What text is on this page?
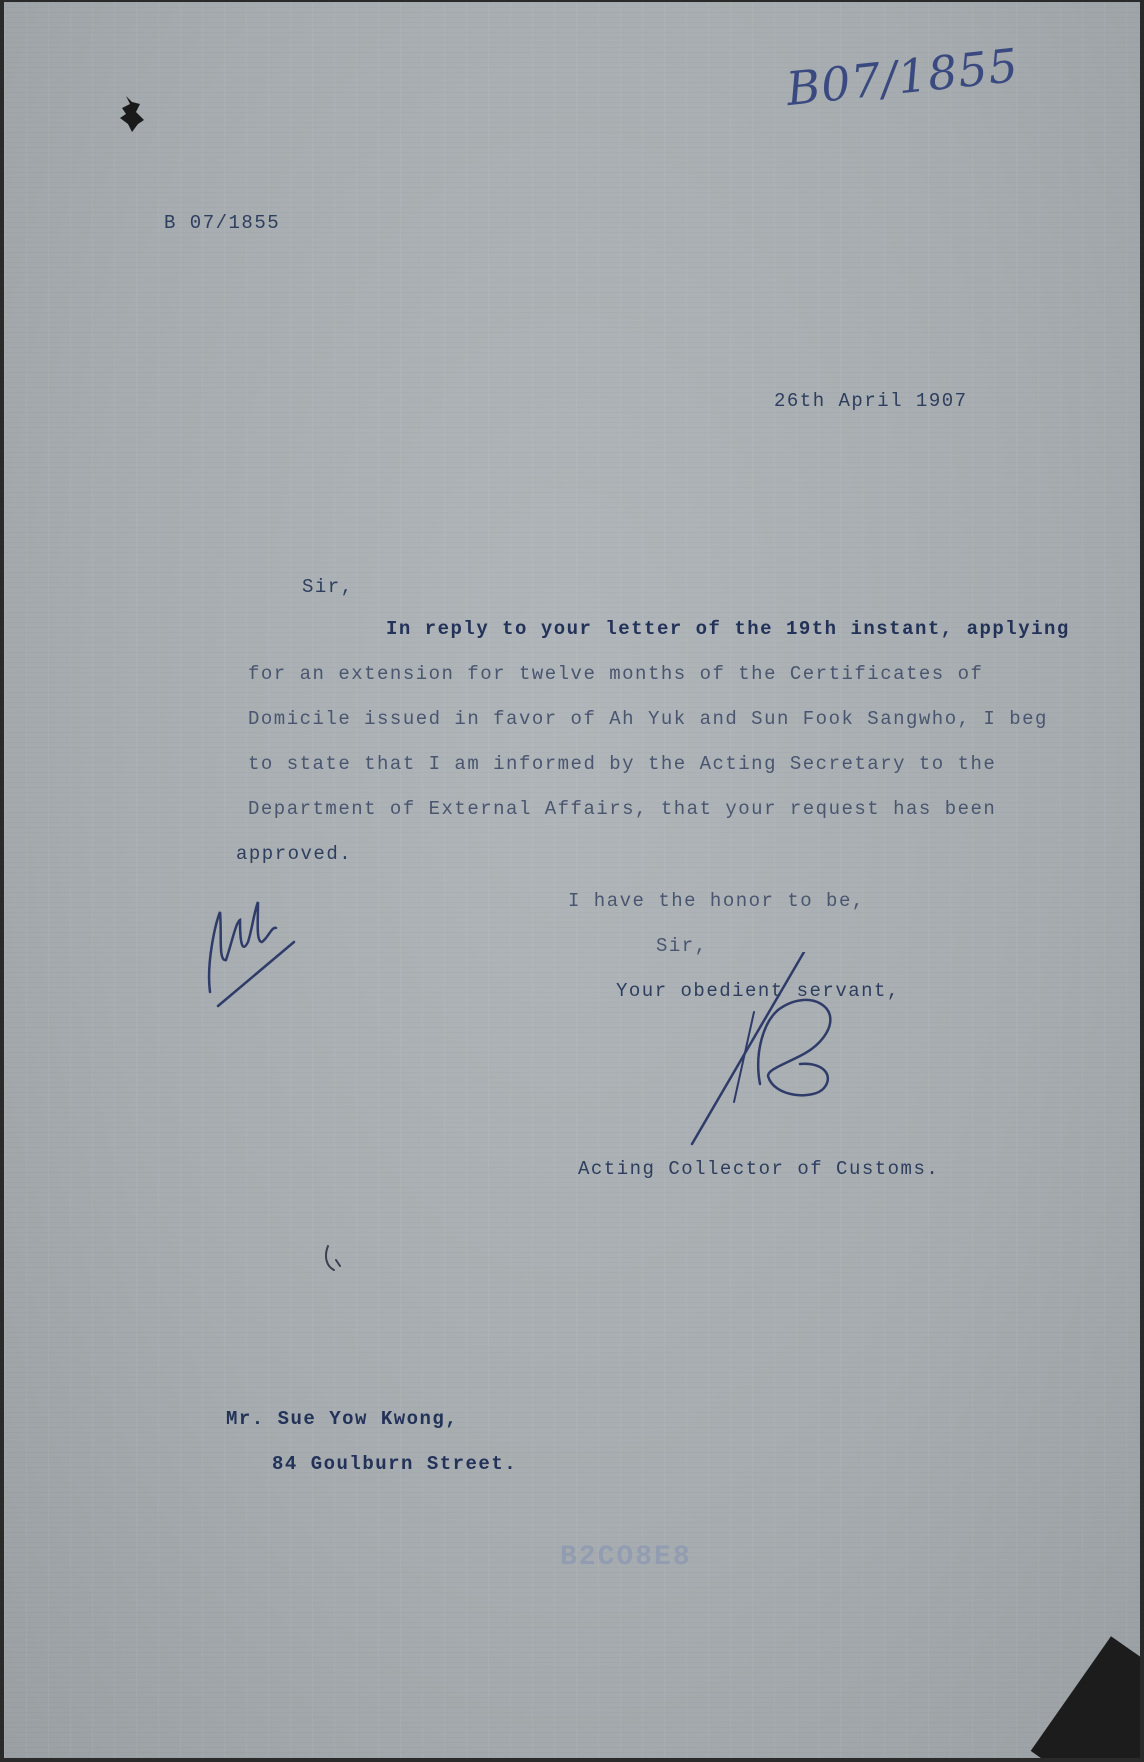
B07/1855
B 07/1855
26th April 1907
Sir,
In reply to your letter of the 19th instant, applying
for an extension for twelve months of the Certificates of
Domicile issued in favor of Ah Yuk and Sun Fook Sangwho, I beg
to state that I am informed by the Acting Secretary to the
Department of External Affairs, that your request has been
approved.
I have the honor to be,
Sir,
Your obedient servant,
Acting Collector of Customs.
Mr. Sue Yow Kwong,
84 Goulburn Street.
B2CO8E8
